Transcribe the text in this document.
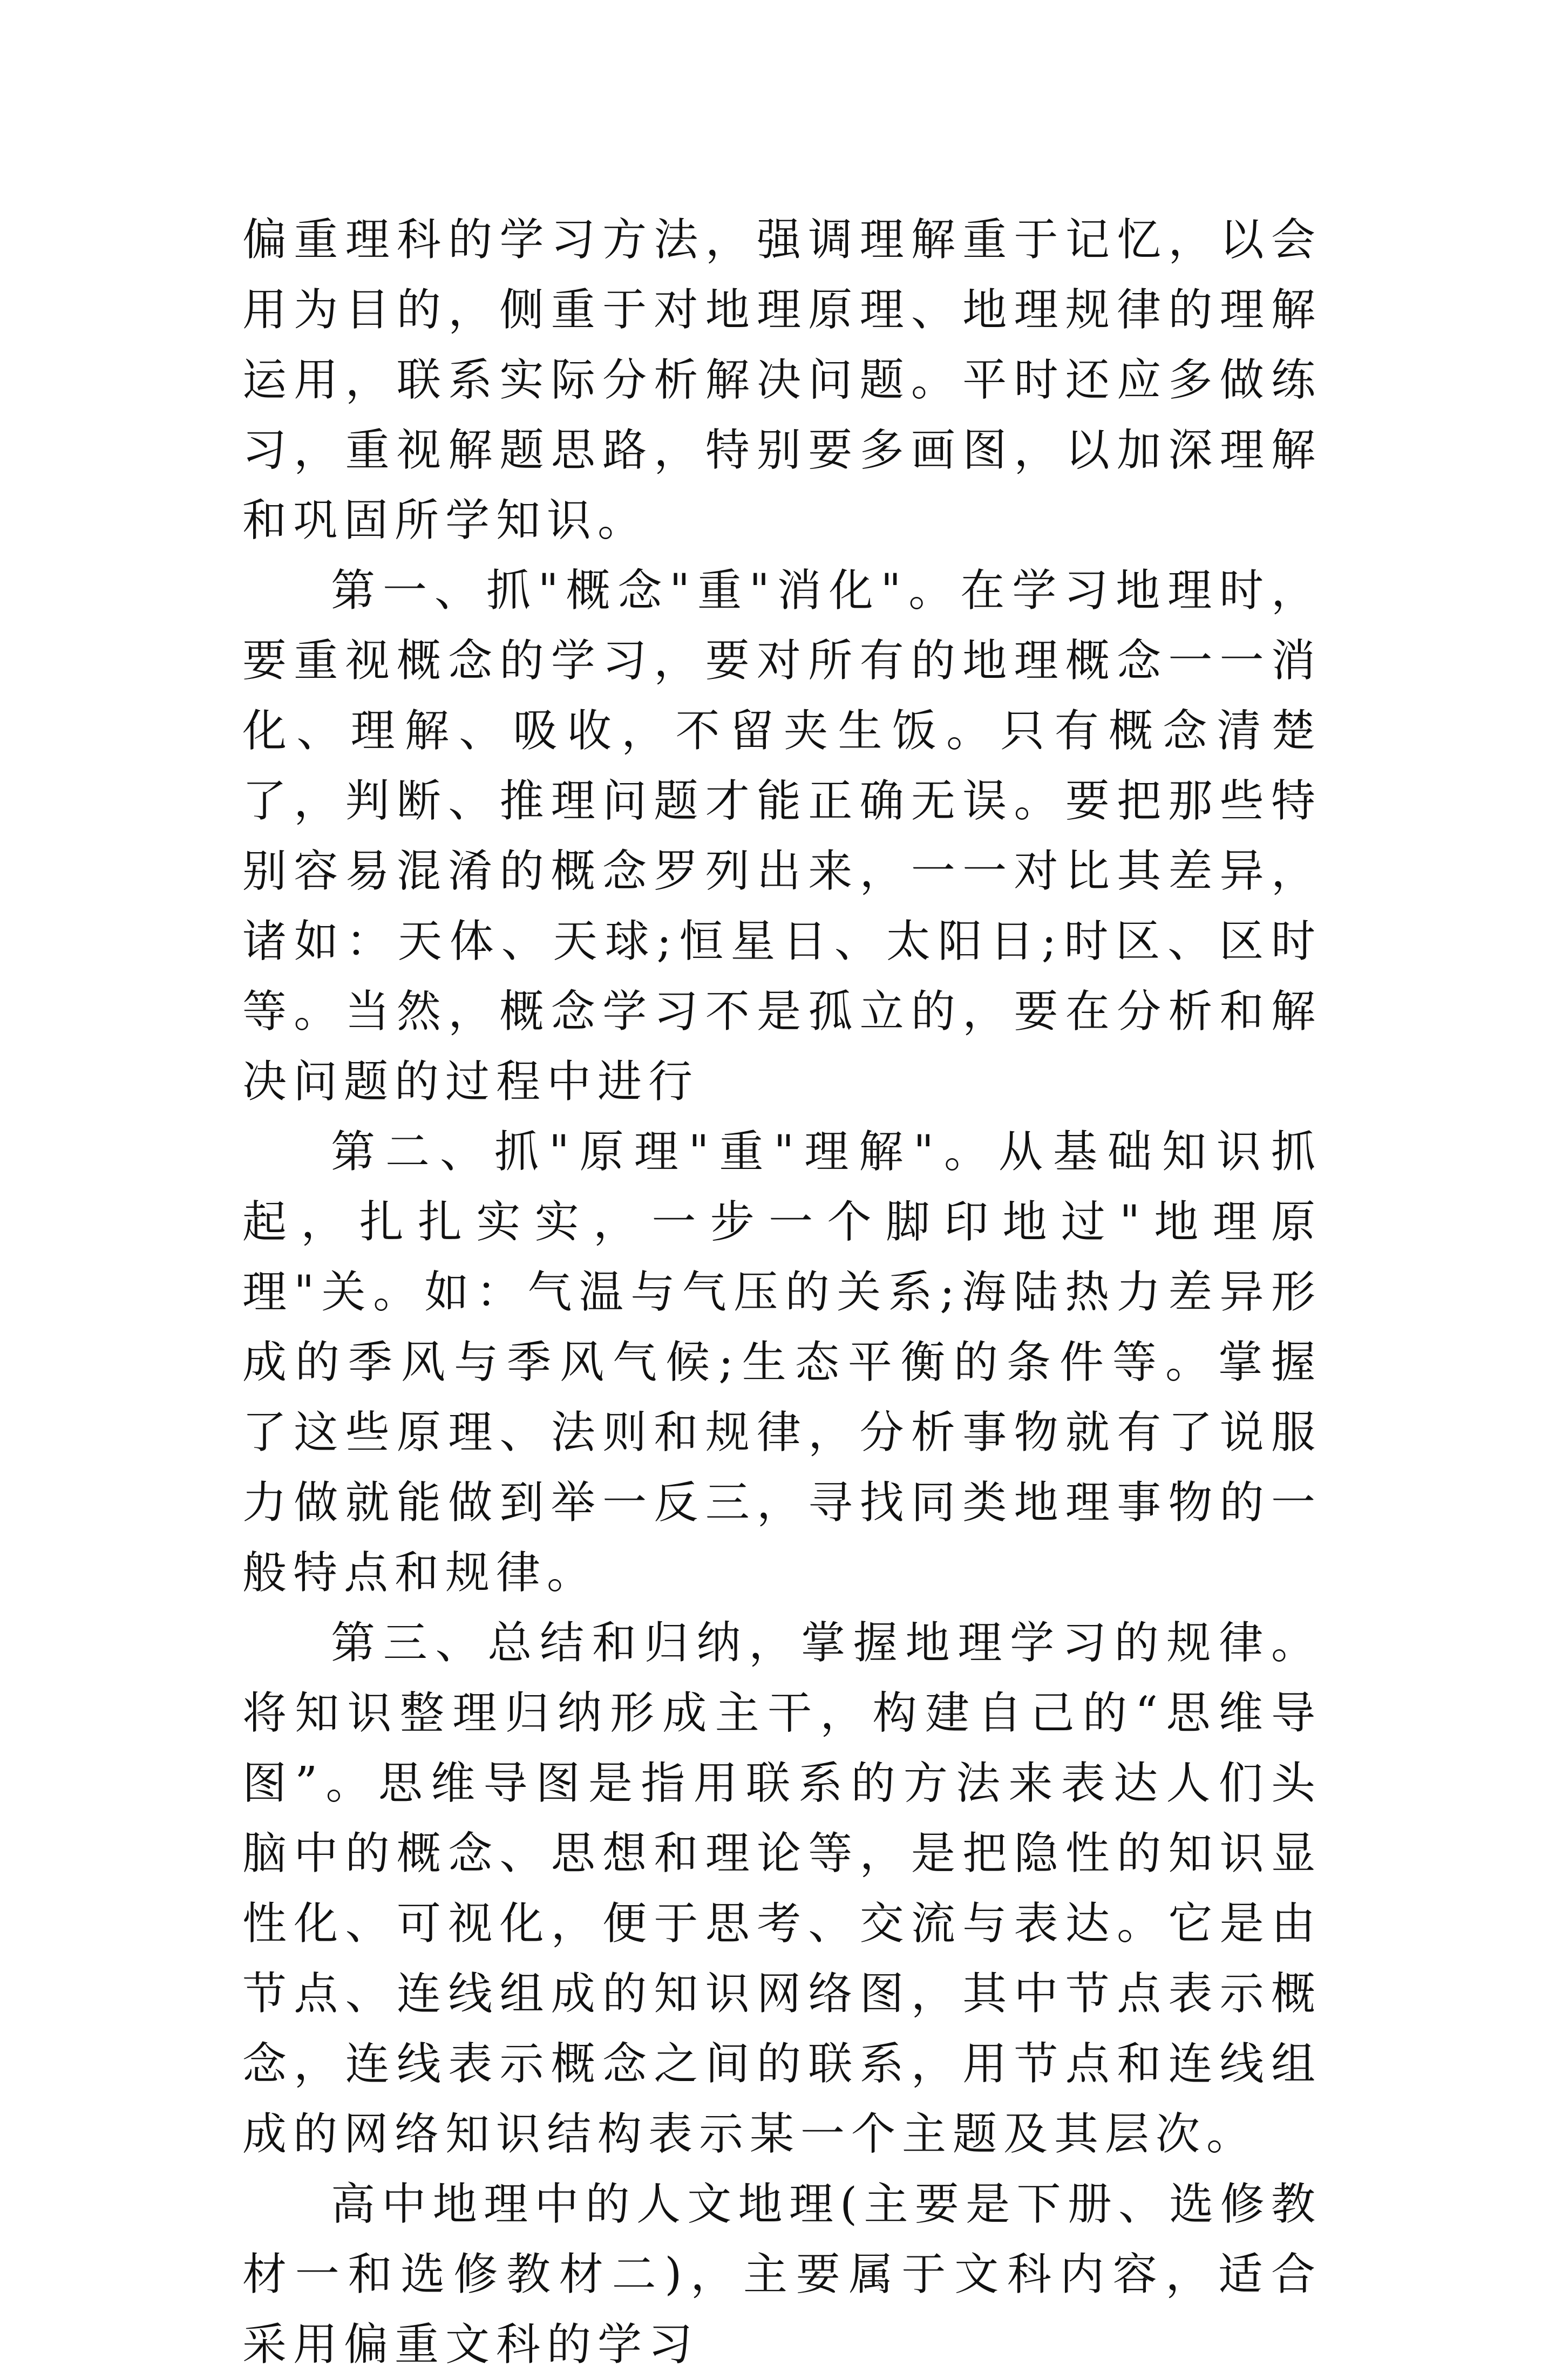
偏重理科的学习方法，强调理解重于记忆，以会用为目的，侧重于对地理原理、地理规律的理解运用，联系实际分析解决问题。平时还应多做练习，重视解题思路，特别要多画图，以加深理解和巩固所学知识。

第一、抓"概念"重"消化"。在学习地理时，要重视概念的学习，要对所有的地理概念一一消化、理解、吸收，不留夹生饭。只有概念清楚了，判断、推理问题才能正确无误。要把那些特别容易混淆的概念罗列出来，一一对比其差异，诸如：天体、天球;恒星日、太阳日;时区、区时等。当然，概念学习不是孤立的，要在分析和解决问题的过程中进行

第二、抓"原理"重"理解"。从基础知识抓起，扎扎实实，一步一个脚印地过"地理原理"关。如：气温与气压的关系;海陆热力差异形成的季风与季风气候;生态平衡的条件等。掌握了这些原理、法则和规律，分析事物就有了说服力做就能做到举一反三，寻找同类地理事物的一般特点和规律。

第三、总结和归纳，掌握地理学习的规律。将知识整理归纳形成主干，构建自己的“思维导图”。思维导图是指用联系的方法来表达人们头脑中的概念、思想和理论等，是把隐性的知识显性化、可视化，便于思考、交流与表达。它是由节点、连线组成的知识网络图，其中节点表示概念，连线表示概念之间的联系，用节点和连线组成的网络知识结构表示某一个主题及其层次。

高中地理中的人文地理(主要是下册、选修教材一和选修教材二)，主要属于文科内容，适合采用偏重文科的学习
